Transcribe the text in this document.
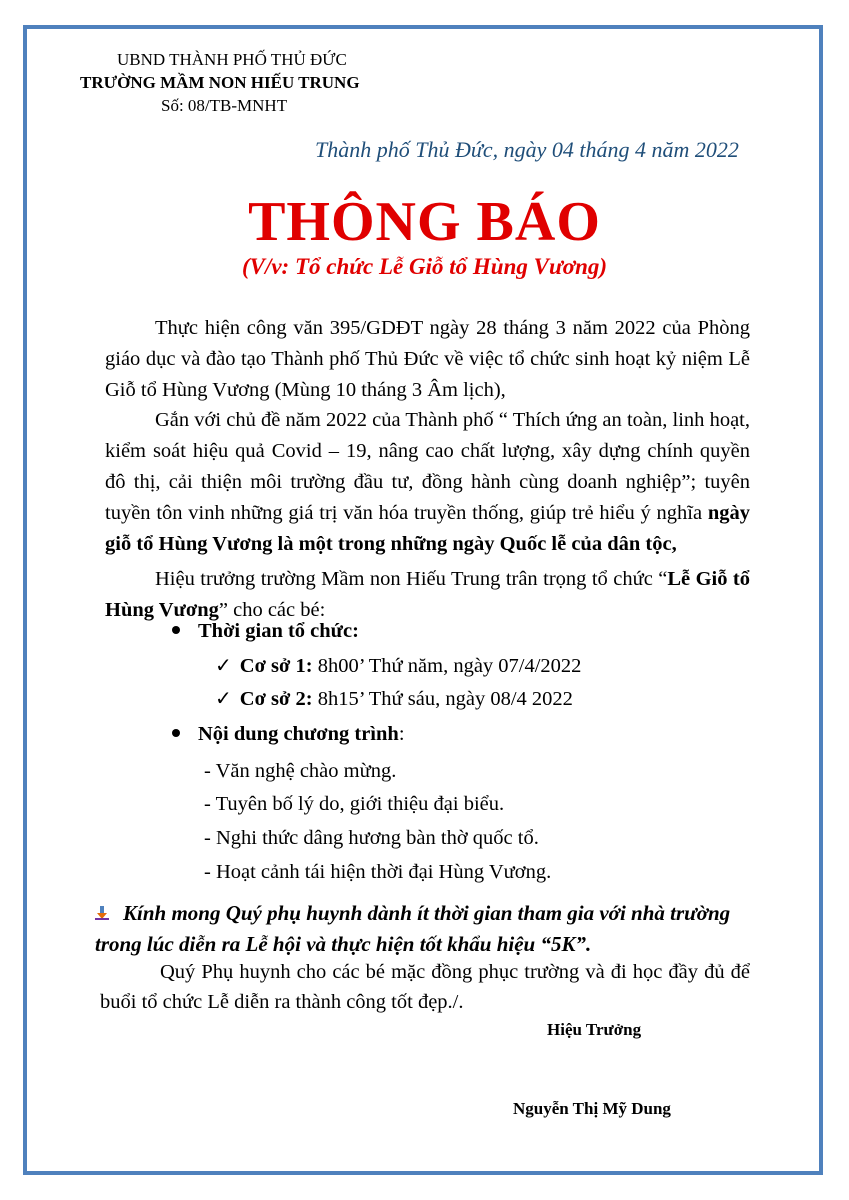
UBND THÀNH PHỐ THỦ ĐỨC
TRƯỜNG MẦM NON HIẾU TRUNG
Số: 08/TB-MNHT
Thành phố Thủ Đức, ngày 04 tháng 4 năm 2022
THÔNG BÁO
(V/v: Tổ chức Lễ Giỗ tổ Hùng Vương)
Thực hiện công văn 395/GDĐT ngày 28 tháng 3 năm 2022 của Phòng giáo dục và đào tạo Thành phố Thủ Đức về việc tổ chức sinh hoạt kỷ niệm Lễ Giỗ tổ Hùng Vương (Mùng 10 tháng 3 Âm lịch),
Gắn với chủ đề năm 2022 của Thành phố “ Thích ứng an toàn, linh hoạt, kiểm soát hiệu quả Covid – 19, nâng cao chất lượng, xây dựng chính quyền đô thị, cải thiện môi trường đầu tư, đồng hành cùng doanh nghiệp”; tuyên tuyền tôn vinh những giá trị văn hóa truyền thống, giúp trẻ hiểu ý nghĩa ngày giỗ tổ Hùng Vương là một trong những ngày Quốc lễ của dân tộc,
Hiệu trưởng trường Mầm non Hiếu Trung trân trọng tổ chức “Lễ Giỗ tổ Hùng Vương” cho các bé:
Thời gian tổ chức:
✓ Cơ sở 1: 8h00’ Thứ năm, ngày 07/4/2022
✓ Cơ sở 2: 8h15’ Thứ sáu, ngày 08/4 2022
Nội dung chương trình:
- Văn nghệ chào mừng.
- Tuyên bố lý do, giới thiệu đại biểu.
- Nghi thức dâng hương bàn thờ quốc tổ.
- Hoạt cảnh tái hiện thời đại Hùng Vương.
Kính mong Quý phụ huynh dành ít thời gian tham gia với nhà trường trong lúc diễn ra Lễ hội và thực hiện tốt khẩu hiệu “5K”.
Quý Phụ huynh cho các bé mặc đồng phục trường và đi học đầy đủ để buổi tổ chức Lễ diễn ra thành công tốt đẹp./.
Hiệu Trưởng
Nguyễn Thị Mỹ Dung
